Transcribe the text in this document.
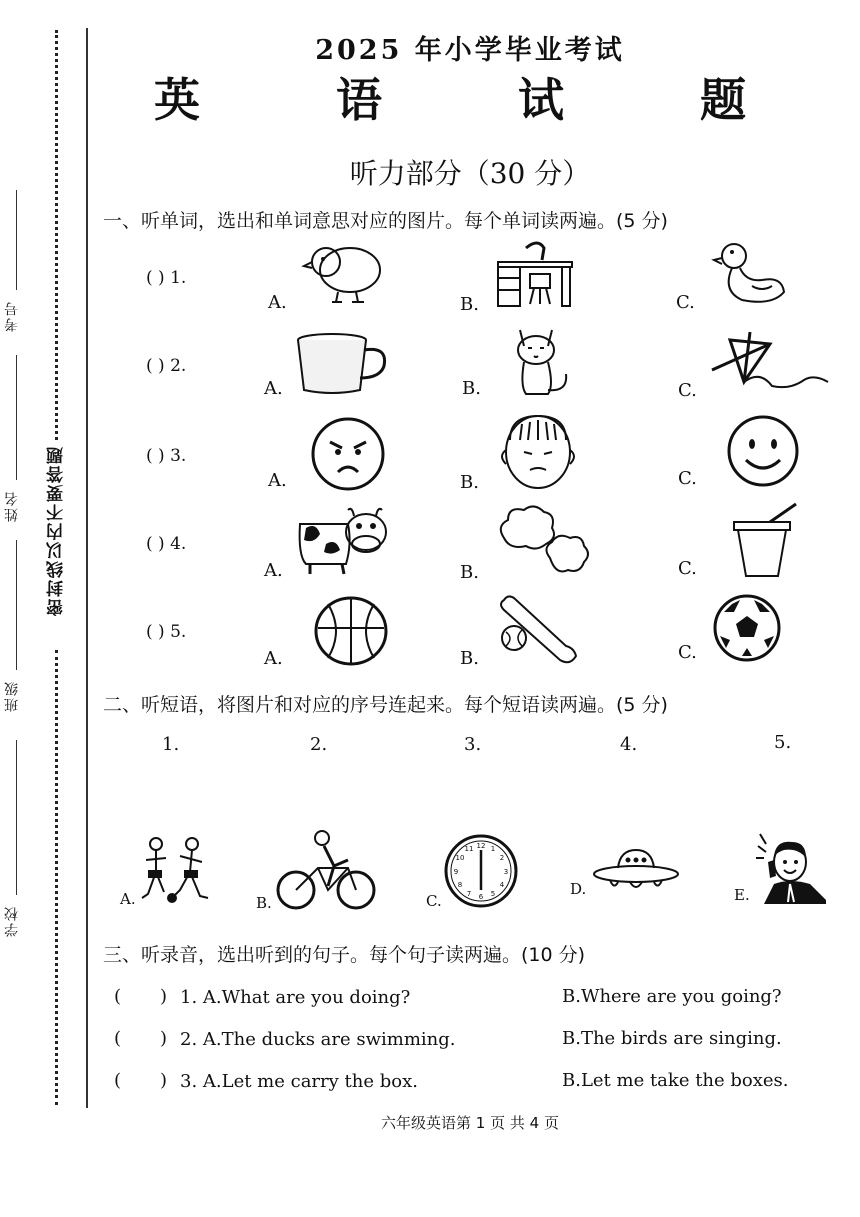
考号
姓名
班级
学校
密封线以内不要答题
2025 年小学毕业考试
英 语 试 题
听力部分（30 分）
一、听单词，选出和单词意思对应的图片。每个单词读两遍。(5 分)
( ) 1.
A.	B.	C.
( ) 2.
A.	B.	C.
( ) 3.
A.	B.	C.
( ) 4.
A.	B.	C.
( ) 5.
A.	B.	C.
二、听短语，将图片和对应的序号连起来。每个短语读两遍。(5 分)
1.	2.	3.	4.	5.
A.	B.	C.
12 1
2
3
4
5
6
7
8
9
10
11
D.	E.
三、听录音，选出听到的句子。每个句子读两遍。(10 分)
( ) 1. A.What are you doing?	B.Where are you going?
( ) 2. A.The ducks are swimming.	B.The birds are singing.
( ) 3. A.Let me carry the box.	B.Let me take the boxes.
六年级英语第 1 页 共 4 页
